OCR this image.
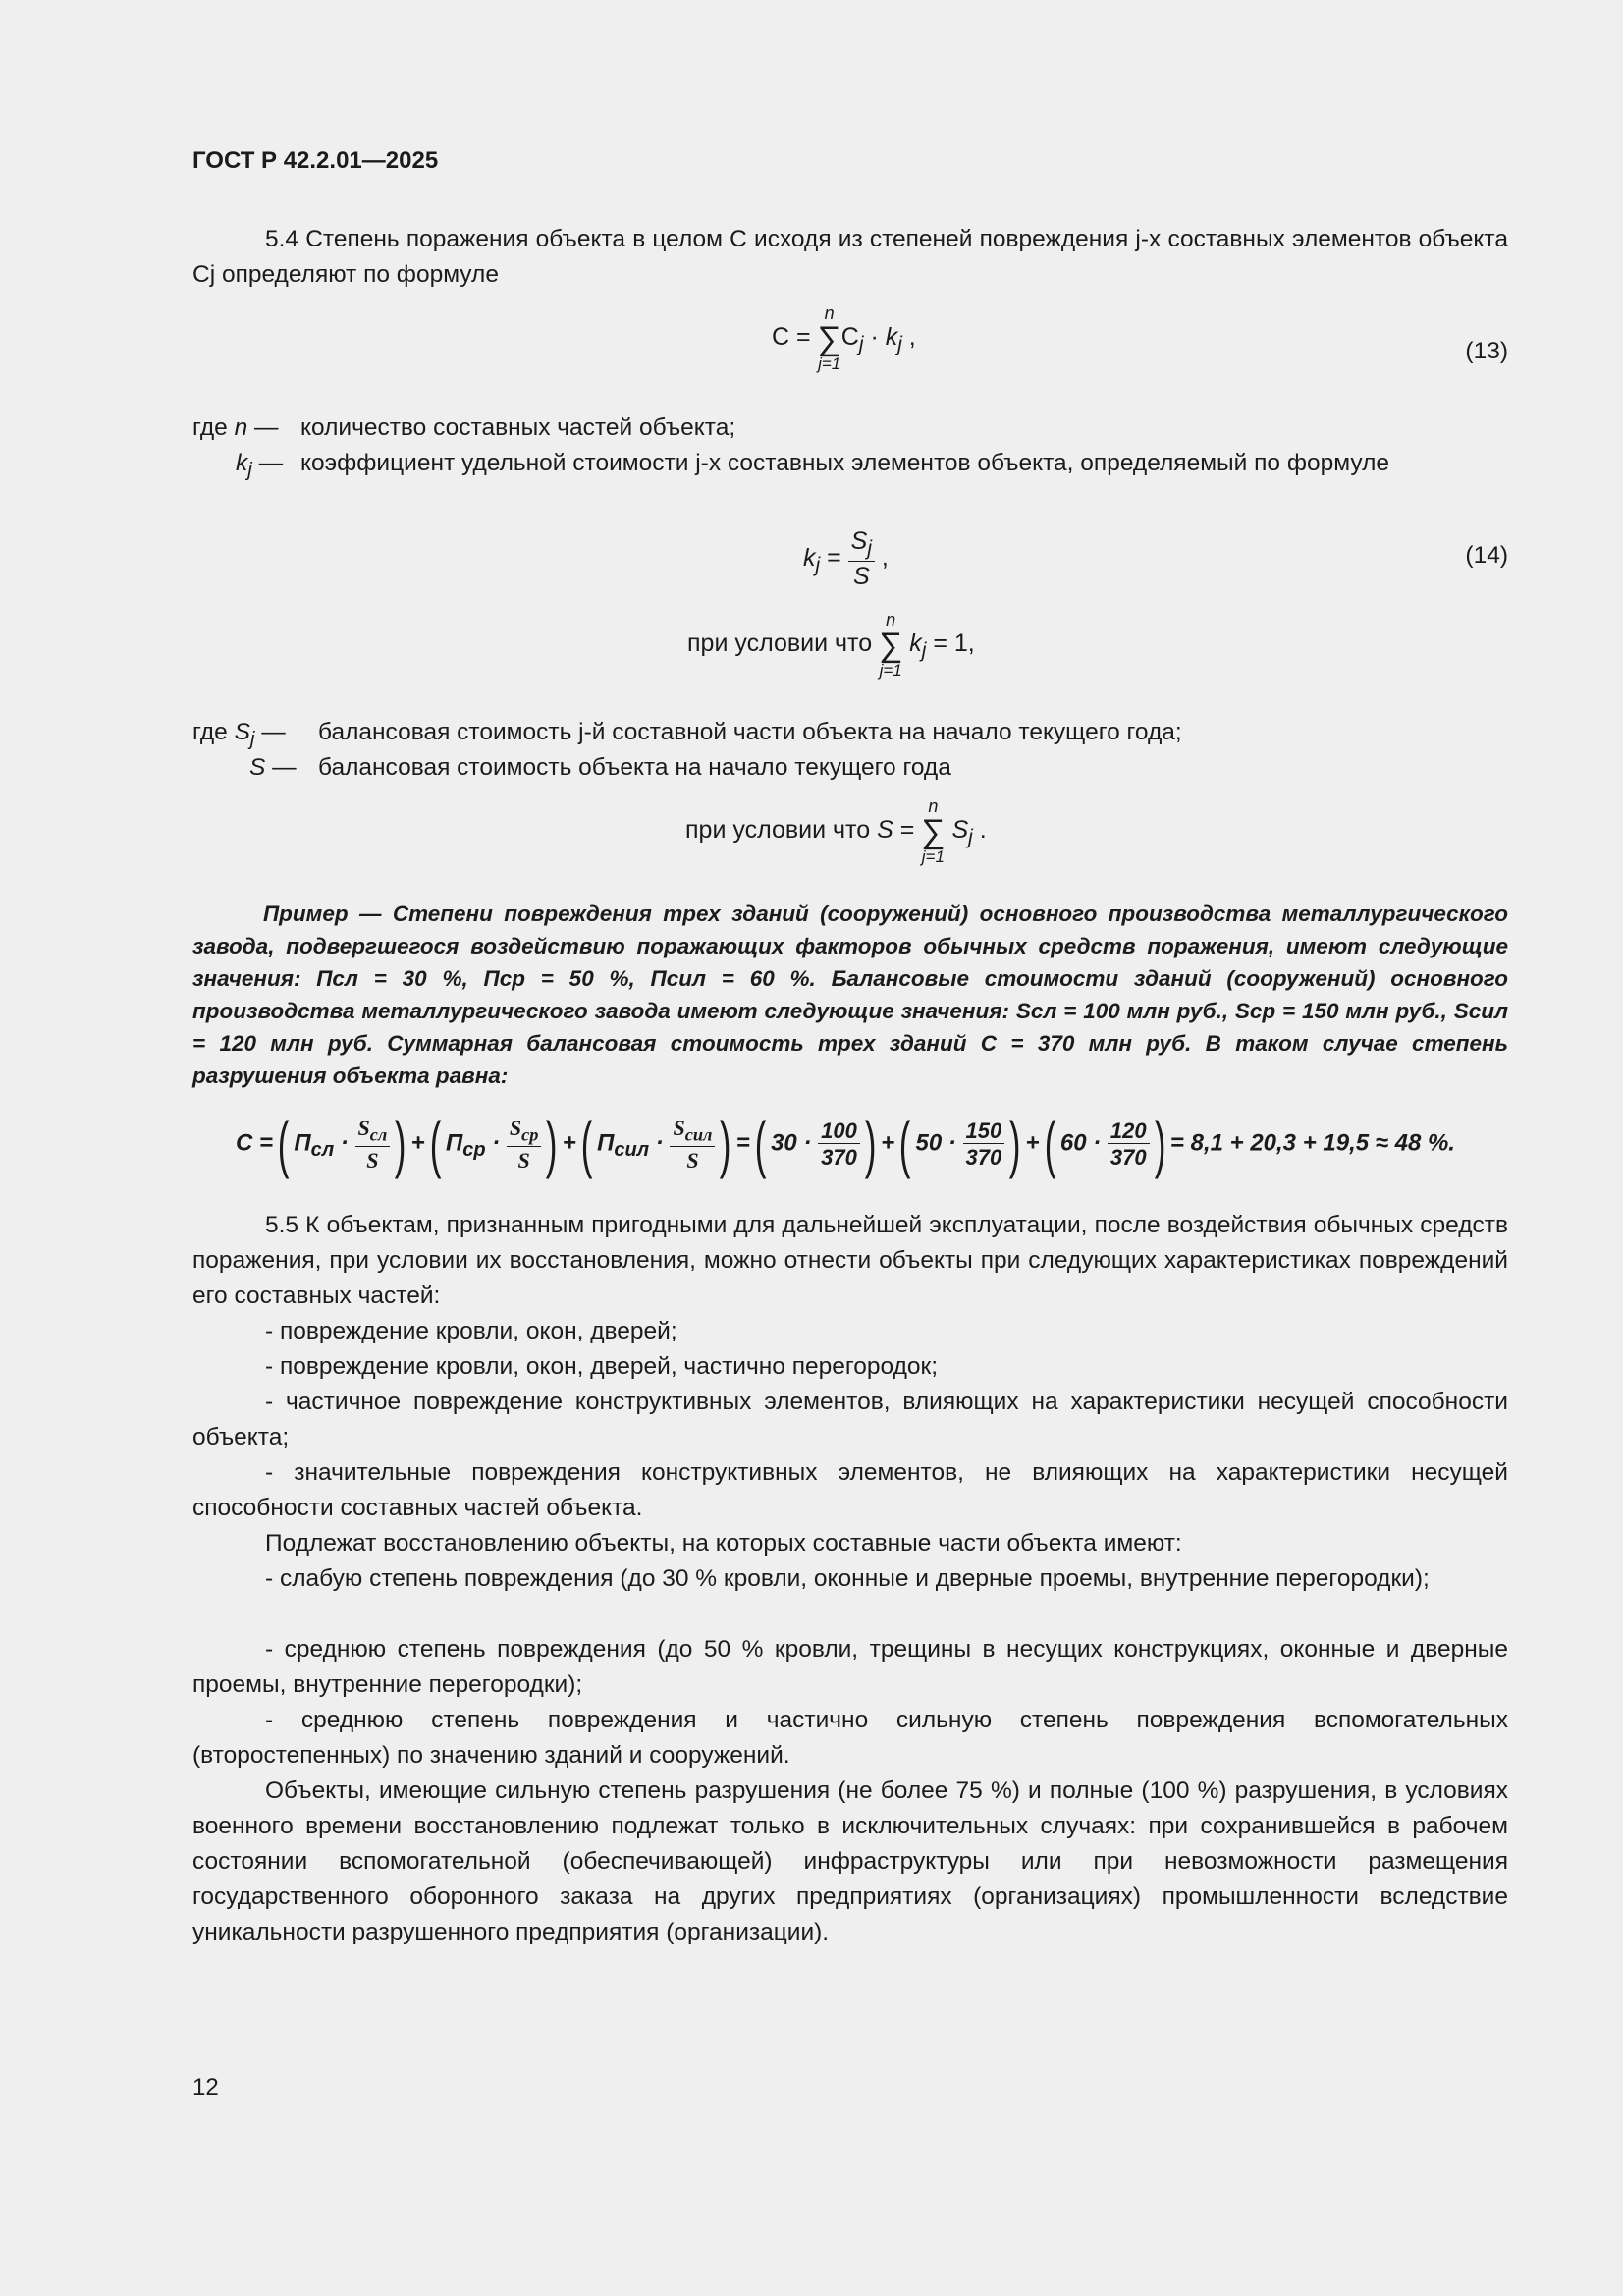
ГОСТ Р 42.2.01—2025
5.4 Степень поражения объекта в целом С исходя из степеней повреждения j-х составных элементов объекта Cj определяют по формуле
С =
n
∑
j=1
$С_j \cdot k_j$ ,
(13)
где n — количество составных частей объекта;
$k_j$ — коэффициент удельной стоимости j-х составных элементов объекта, определяемый по формуле
$k_j = \frac{S_j}{S}$ ,	(14)
при условии что
n
∑
j=1
$k_j = 1$,
где $S_j$ — балансовая стоимость j-й составной части объекта на начало текущего года;
S — балансовая стоимость объекта на начало текущего года
при условии что S =
n
∑
j=1
$S_j$ .
Пример — Степени повреждения трех зданий (сооружений) основного производства металлургического завода, подвергшегося воздействию поражающих факторов обычных средств поражения, имеют следующие значения: Псл = 30 %, Пср = 50 %, Псил = 60 %. Балансовые стоимости зданий (сооружений) основного производства металлургического завода имеют следующие значения: Sсл = 100 млн руб., Sср = 150 млн руб., Sсил = 120 млн руб. Суммарная балансовая стоимость трех зданий С = 370 млн руб. В таком случае степень разрушения объекта равна:
С =( $П_{сл} \cdot \frac{S_{сл}}{S}$ ) +( $П_{ср} \cdot \frac{S_{ср}}{S}$ ) +( $П_{сил} \cdot \frac{S_{сил}}{S}$ ) =( $30 \cdot \frac{100}{370}$ ) +( $50 \cdot \frac{150}{370}$ ) +( $60 \cdot \frac{120}{370}$ ) = 8,1 + 20,3 + 19,5 ≈ 48 %.
5.5 К объектам, признанным пригодными для дальнейшей эксплуатации, после воздействия обычных средств поражения, при условии их восстановления, можно отнести объекты при следующих характеристиках повреждений его составных частей:
- повреждение кровли, окон, дверей;
- повреждение кровли, окон, дверей, частично перегородок;
- частичное повреждение конструктивных элементов, влияющих на характеристики несущей способности объекта;
- значительные повреждения конструктивных элементов, не влияющих на характеристики несущей способности составных частей объекта.
Подлежат восстановлению объекты, на которых составные части объекта имеют:
- слабую степень повреждения (до 30 % кровли, оконные и дверные проемы, внутренние перегородки);
- среднюю степень повреждения (до 50 % кровли, трещины в несущих конструкциях, оконные и дверные проемы, внутренние перегородки);
- среднюю степень повреждения и частично сильную степень повреждения вспомогательных (второстепенных) по значению зданий и сооружений.
Объекты, имеющие сильную степень разрушения (не более 75 %) и полные (100 %) разрушения, в условиях военного времени восстановлению подлежат только в исключительных случаях: при сохранившейся в рабочем состоянии вспомогательной (обеспечивающей) инфраструктуры или при невозможности размещения государственного оборонного заказа на других предприятиях (организациях) промышленности вследствие уникальности разрушенного предприятия (организации).
12
